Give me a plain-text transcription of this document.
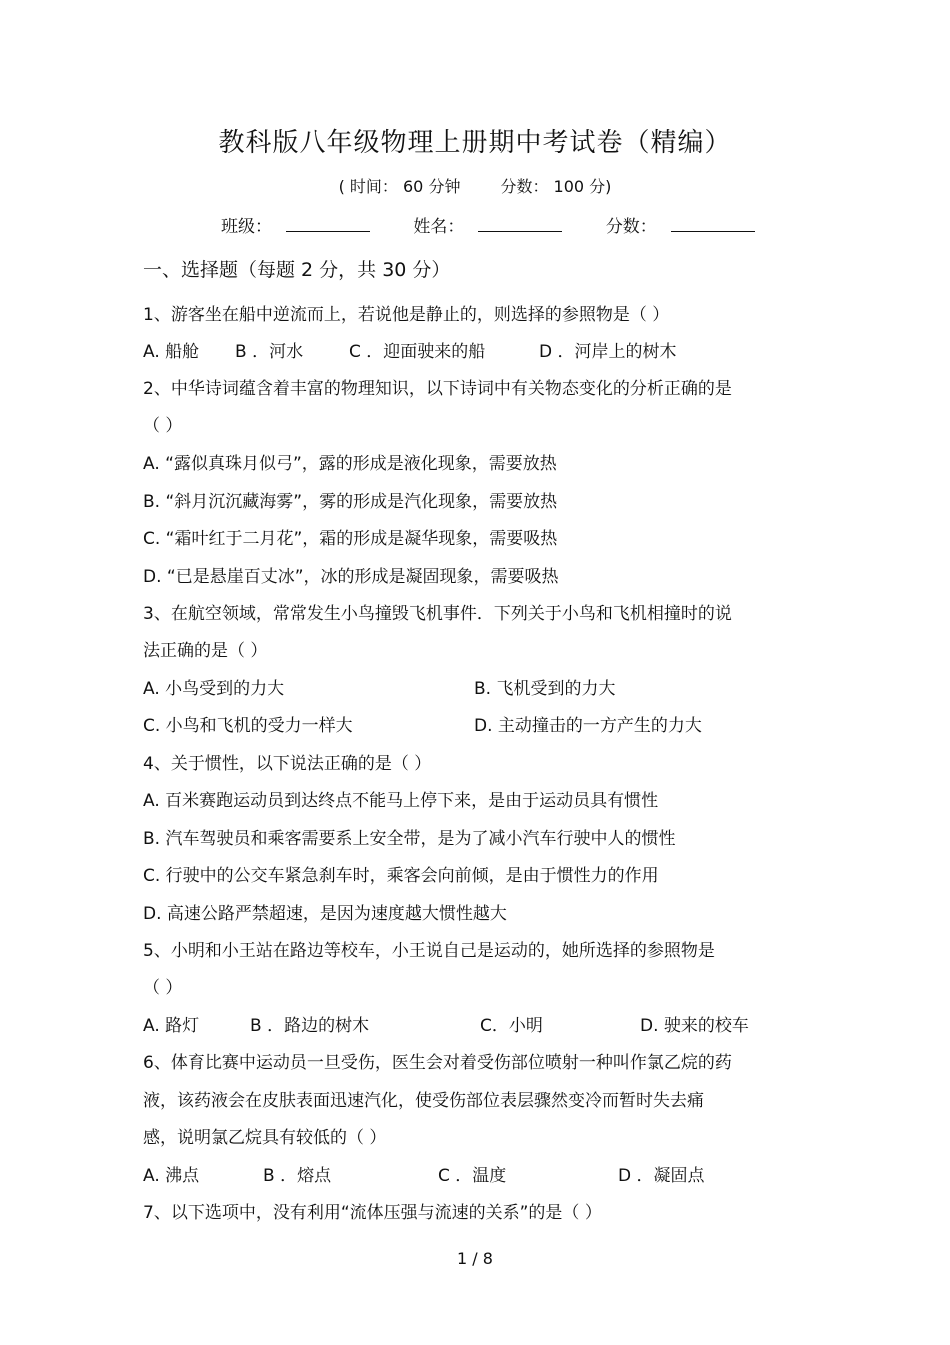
教科版八年级物理上册期中考试卷（精编）
( 时间： 60 分钟	分数： 100 分)
班级：	姓名：	分数：
一、选择题（每题 2 分，共 30 分）
1、游客坐在船中逆流而上，若说他是静止的，则选择的参照物是（ ）
A. 船舱 B ．河水	C ．迎面驶来的船	D ．河岸上的树木
2、中华诗词蕴含着丰富的物理知识，以下诗词中有关物态变化的分析正确的是
（ ）
A. “露似真珠月似弓”，露的形成是液化现象，需要放热
B. “斜月沉沉藏海雾”，雾的形成是汽化现象，需要放热
C. “霜叶红于二月花”，霜的形成是凝华现象，需要吸热
D. “已是悬崖百丈冰”，冰的形成是凝固现象，需要吸热
3、在航空领域，常常发生小鸟撞毁飞机事件．下列关于小鸟和飞机相撞时的说
法正确的是（ ）
A. 小鸟受到的力大	B. 飞机受到的力大
C. 小鸟和飞机的受力一样大	D. 主动撞击的一方产生的力大
4、关于惯性，以下说法正确的是（ ）
A. 百米赛跑运动员到达终点不能马上停下来，是由于运动员具有惯性
B. 汽车驾驶员和乘客需要系上安全带，是为了减小汽车行驶中人的惯性
C. 行驶中的公交车紧急刹车时，乘客会向前倾，是由于惯性力的作用
D. 高速公路严禁超速，是因为速度越大惯性越大
5、小明和小王站在路边等校车，小王说自己是运动的，她所选择的参照物是
（ ）
A. 路灯	B ．路边的树木	C．小明	D. 驶来的校车
6、体育比赛中运动员一旦受伤，医生会对着受伤部位喷射一种叫作氯乙烷的药
液，该药液会在皮肤表面迅速汽化，使受伤部位表层骤然变冷而暂时失去痛
感，说明氯乙烷具有较低的（ ）
A. 沸点	B ．熔点	C ．温度	D ．凝固点
7、以下选项中，没有利用“流体压强与流速的关系”的是（ ）
1 / 8
